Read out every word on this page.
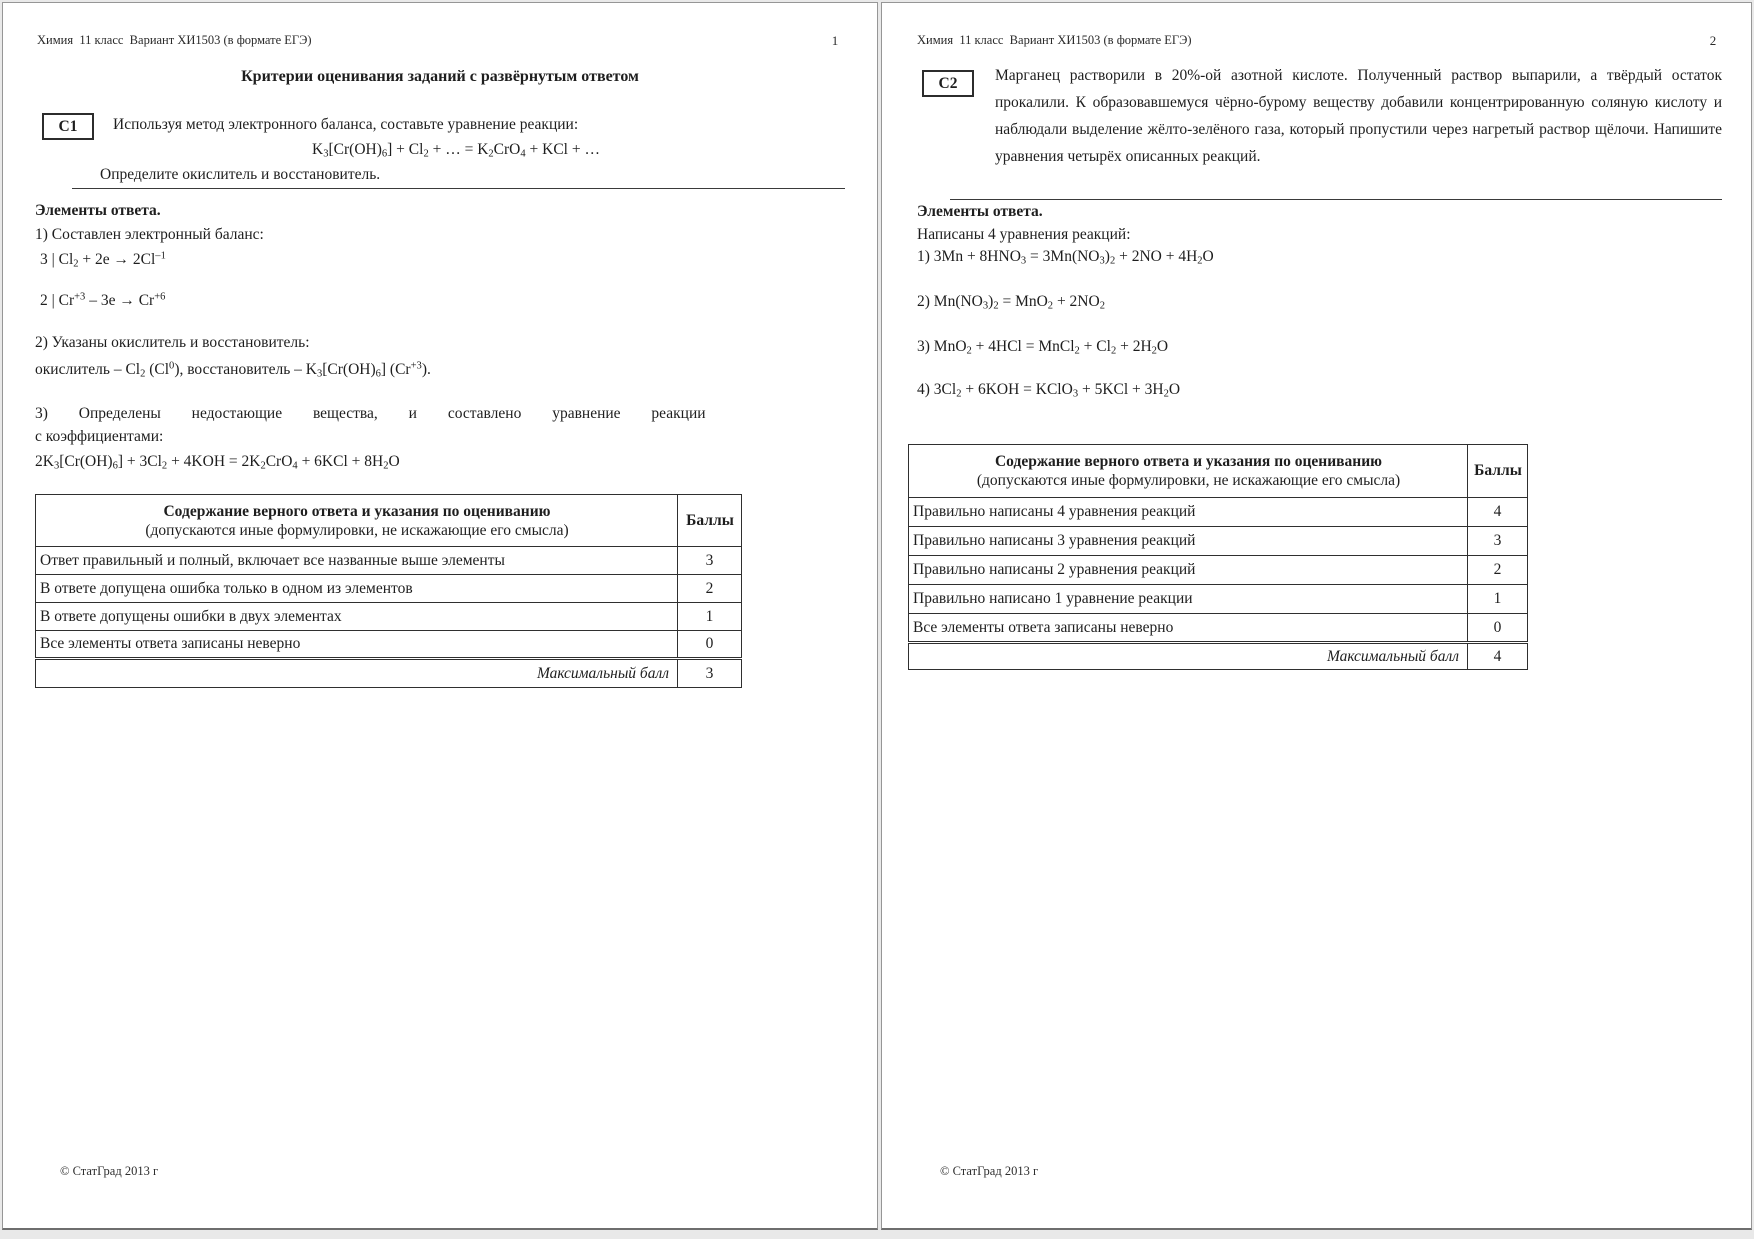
Химия  11 класс  Вариант ХИ1503 (в формате ЕГЭ)	1
Критерии оценивания заданий с развёрнутым ответом
С1 Используя метод электронного баланса, составьте уравнение реакции:
$K_3[Cr(OH)_6] + Cl_2$ + … = $K_2CrO_4$ + KCl + …
Определите окислитель и восстановитель.
Элементы ответа.
1) Составлен электронный баланс:
3 | $Cl_2 + 2e \to 2Cl^{-1}$
2 | $Cr^{+3} - 3e \to Cr^{+6}$
2) Указаны окислитель и восстановитель:
окислитель – $Cl_2$ (Cl$^0$), восстановитель – $K_3[Cr(OH)_6]$ $(Cr^{+3})$.
3) Определены недостающие вещества, и составлено уравнение реакции
с коэффициентами:
$2K_3[Cr(OH)_6] + 3Cl_2 + 4KOH = 2K_2CrO_4 + 6KCl + 8H_2O$
Содержание верного ответа и указания по оцениванию
(допускаются иные формулировки, не искажающие его смысла)	Баллы
Ответ правильный и полный, включает все названные выше элементы	3
В ответе допущена ошибка только в одном из элементов	2
В ответе допущены ошибки в двух элементах	1
Все элементы ответа записаны неверно	0
Максимальный балл	3
© СтатГрад 2013 г
Химия  11 класс  Вариант ХИ1503 (в формате ЕГЭ)	2
С2 Марганец растворили в 20%-ой азотной кислоте. Полученный раствор выпарили, а твёрдый остаток прокалили. К образовавшемуся чёрно-бурому веществу добавили концентрированную соляную кислоту и наблюдали выделение жёлто-зелёного газа, который пропустили через нагретый раствор щёлочи. Напишите уравнения четырёх описанных реакций.
Элементы ответа.
Написаны 4 уравнения реакций:
1) $3Mn + 8HNO_3 = 3Mn(NO_3)_2 + 2NO + 4H_2O$
2) $Mn(NO_3)_2 = MnO_2 + 2NO_2$
3) MnO$_2$ + 4HCl = MnCl$_2$ + $Cl_2 + 2H_2O$
4) $3Cl_2 + 6KOH$ = KClO$_3$ + $5KCl + 3H_2O$
Содержание верного ответа и указания по оцениванию
(допускаются иные формулировки, не искажающие его смысла)	Баллы
Правильно написаны 4 уравнения реакций	4
Правильно написаны 3 уравнения реакций	3
Правильно написаны 2 уравнения реакций	2
Правильно написано 1 уравнение реакции	1
Все элементы ответа записаны неверно	0
Максимальный балл	4
© СтатГрад 2013 г
